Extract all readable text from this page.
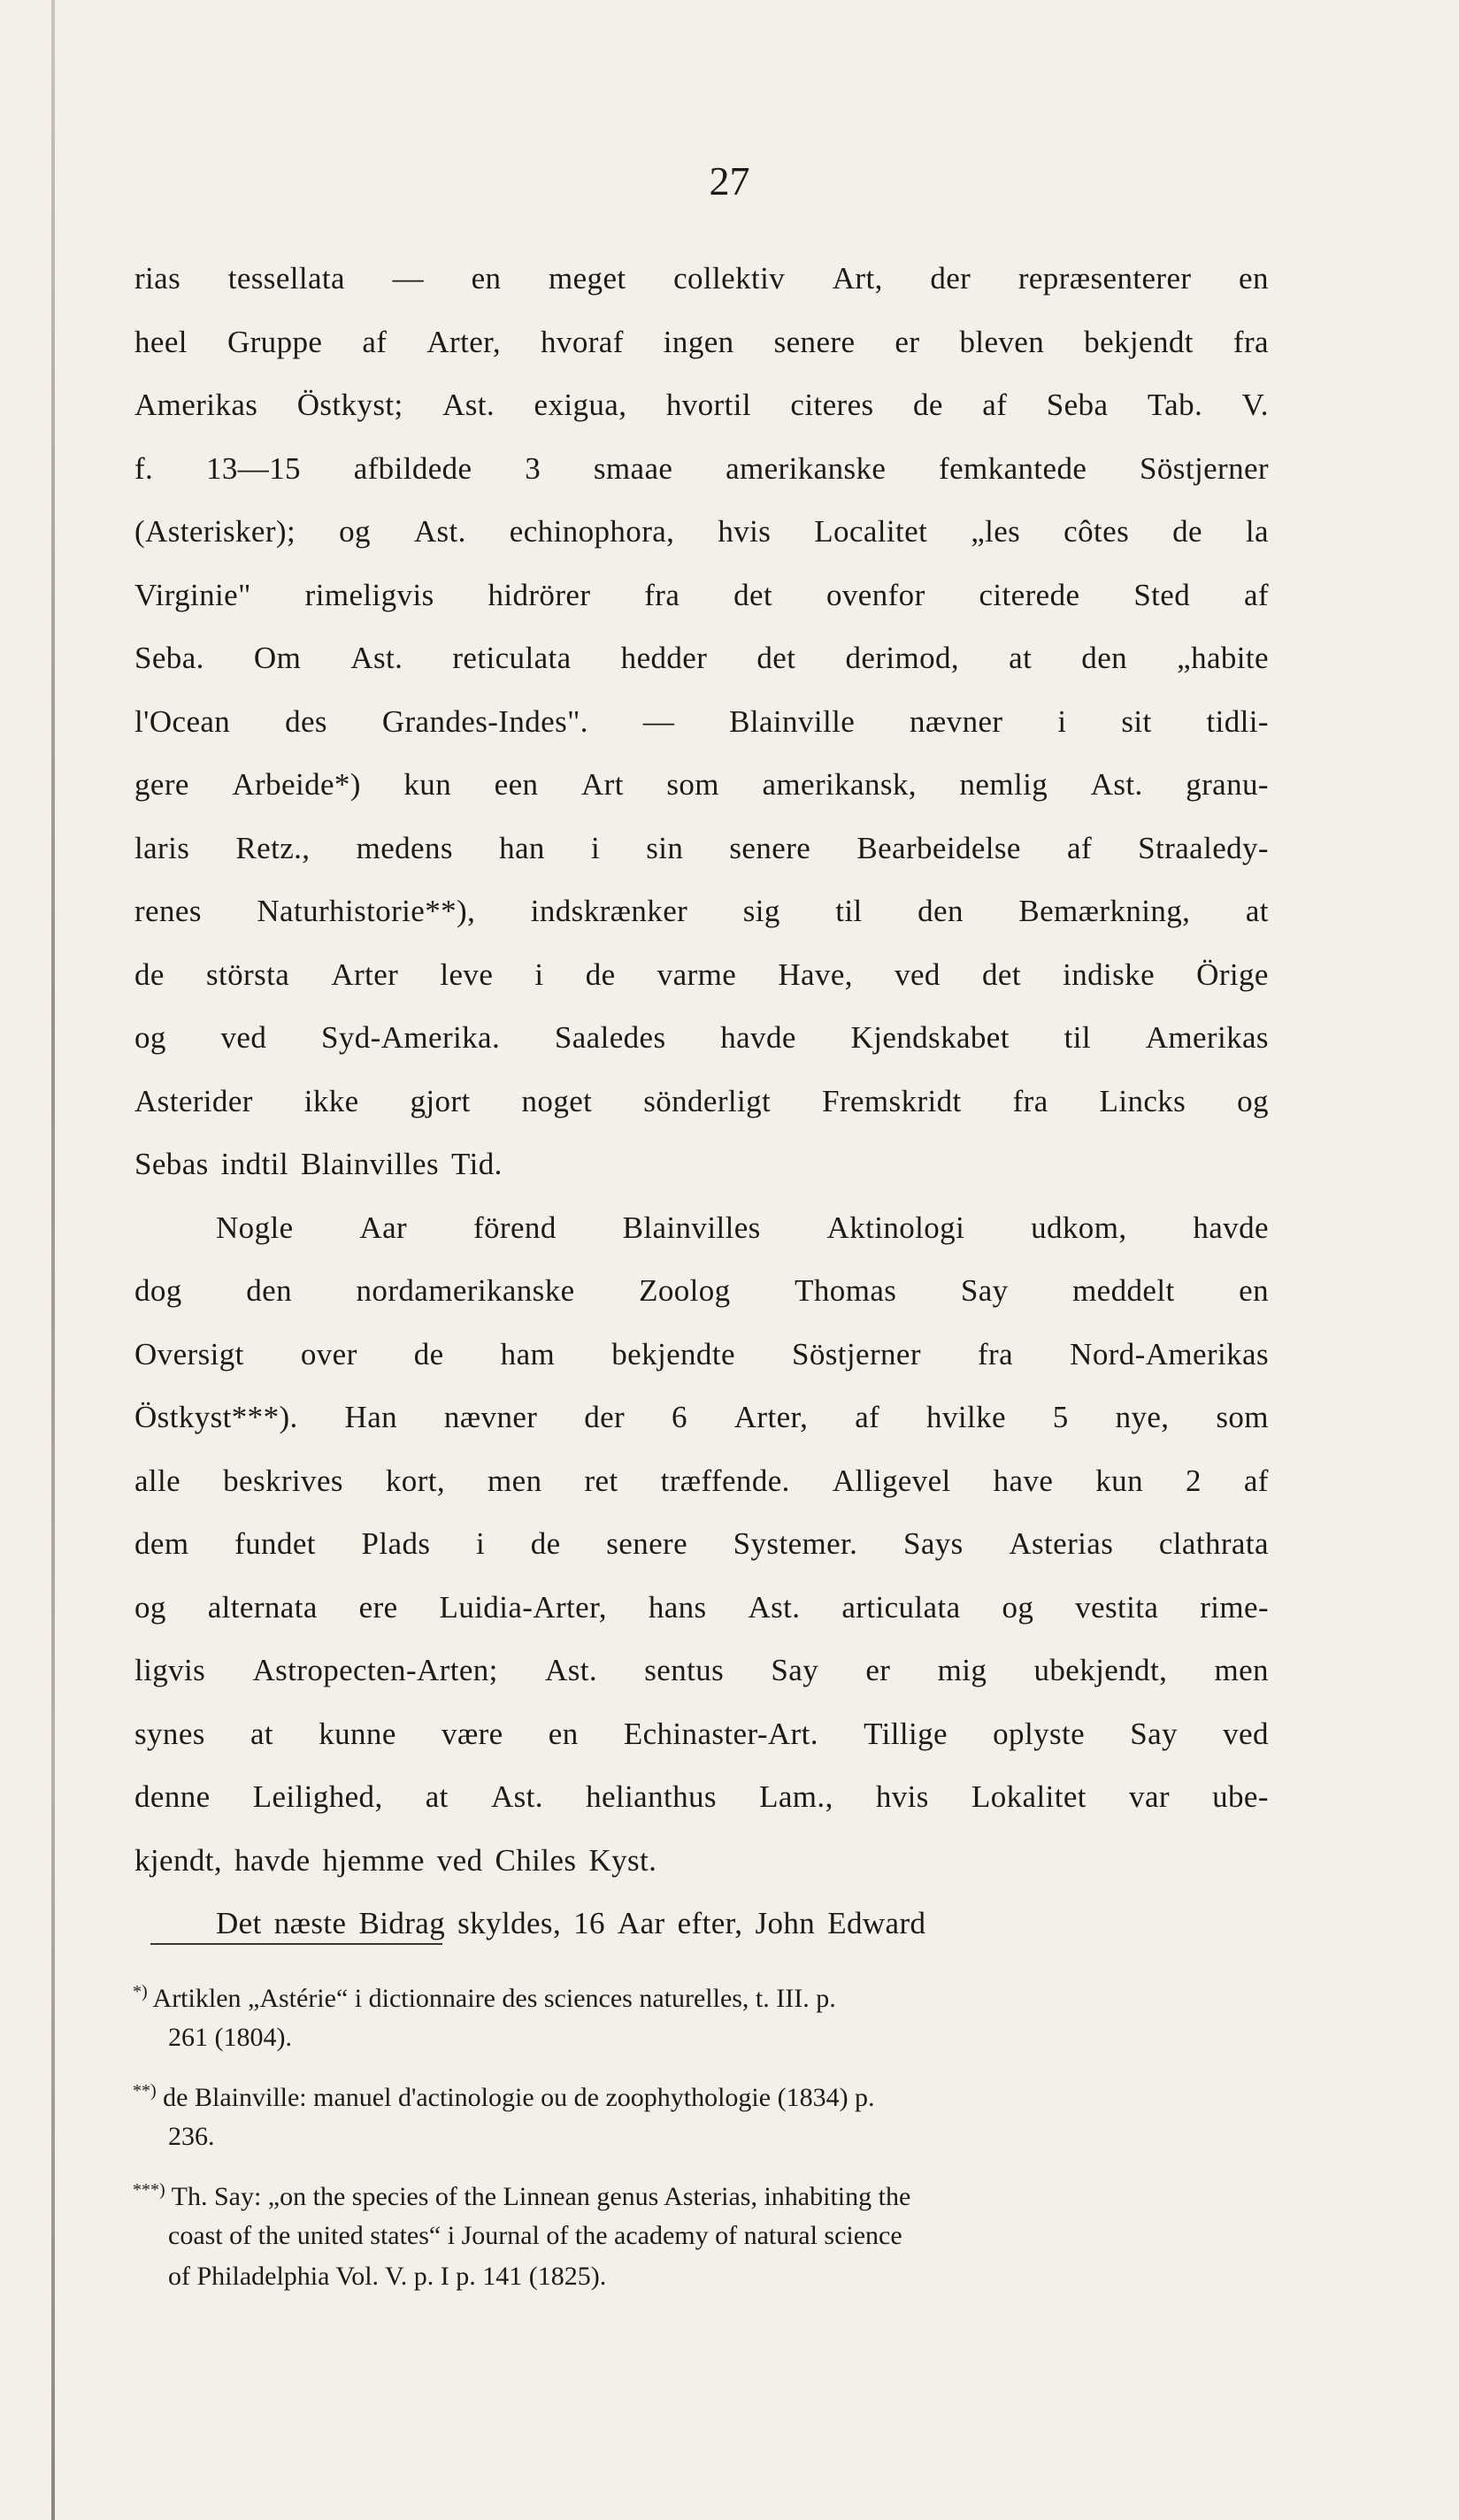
27
rias tessellata — en meget collektiv Art, der repræsenterer en
heel Gruppe af Arter, hvoraf ingen senere er bleven bekjendt fra
Amerikas Östkyst; Ast. exigua, hvortil citeres de af Seba Tab. V.
f. 13—15 afbildede 3 smaae amerikanske femkantede Söstjerner
(Asterisker); og Ast. echinophora, hvis Localitet „les côtes de la
Virginie" rimeligvis hidrörer fra det ovenfor citerede Sted af
Seba. Om Ast. reticulata hedder det derimod, at den „habite
l'Ocean des Grandes-Indes". — Blainville nævner i sit tidli-
gere Arbeide*) kun een Art som amerikansk, nemlig Ast. granu-
laris Retz., medens han i sin senere Bearbeidelse af Straaledy-
renes Naturhistorie**), indskrænker sig til den Bemærkning, at
de största Arter leve i de varme Have, ved det indiske Örige
og ved Syd-Amerika. Saaledes havde Kjendskabet til Amerikas
Asterider ikke gjort noget sönderligt Fremskridt fra Lincks og
Sebas indtil Blainvilles Tid.
Nogle Aar förend Blainvilles Aktinologi udkom, havde
dog den nordamerikanske Zoolog Thomas Say meddelt en
Oversigt over de ham bekjendte Söstjerner fra Nord-Amerikas
Östkyst***). Han nævner der 6 Arter, af hvilke 5 nye, som
alle beskrives kort, men ret træffende. Alligevel have kun 2 af
dem fundet Plads i de senere Systemer. Says Asterias clathrata
og alternata ere Luidia-Arter, hans Ast. articulata og vestita rime-
ligvis Astropecten-Arten; Ast. sentus Say er mig ubekjendt, men
synes at kunne være en Echinaster-Art. Tillige oplyste Say ved
denne Leilighed, at Ast. helianthus Lam., hvis Lokalitet var ube-
kjendt, havde hjemme ved Chiles Kyst.
Det næste Bidrag skyldes, 16 Aar efter, John Edward
*) Artiklen „Astérie“ i dictionnaire des sciences naturelles, t. III. p.
261 (1804).
**) de Blainville: manuel d'actinologie ou de zoophythologie (1834) p.
236.
***) Th. Say: „on the species of the Linnean genus Asterias, inhabiting the
coast of the united states“ i Journal of the academy of natural science
of Philadelphia Vol. V. p. I p. 141 (1825).
